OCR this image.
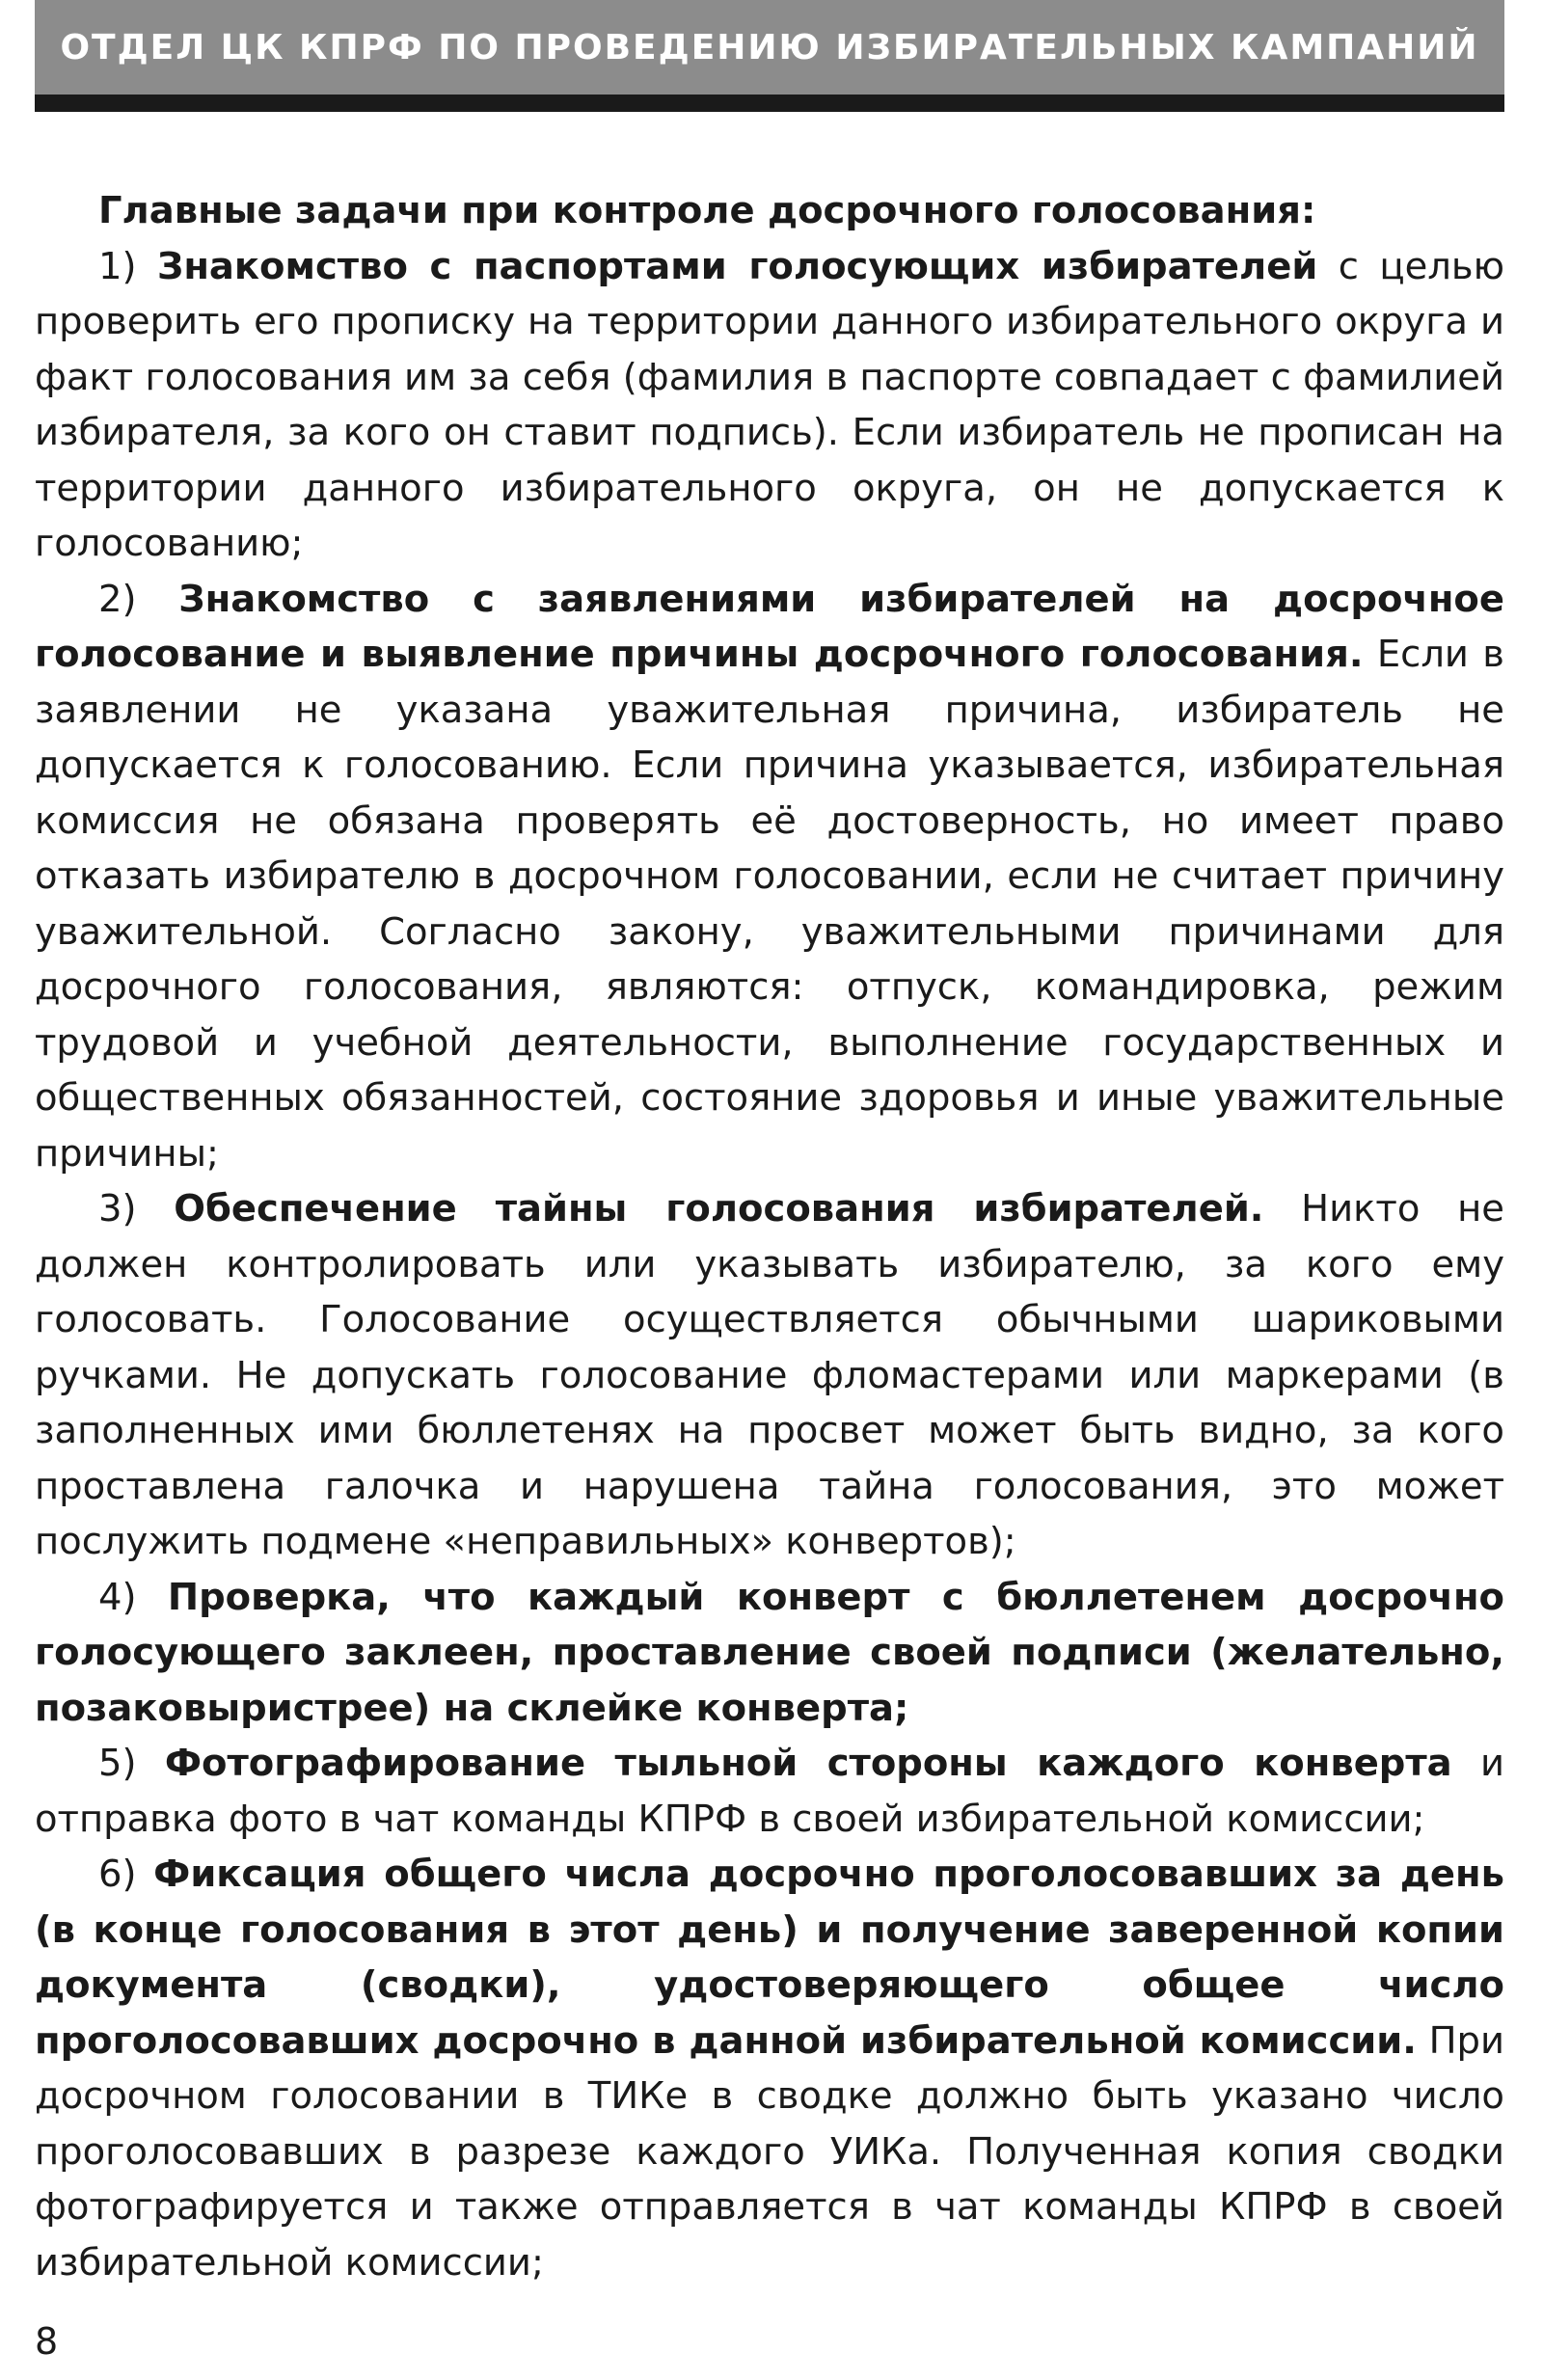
ОТДЕЛ ЦК КПРФ ПО ПРОВЕДЕНИЮ ИЗБИРАТЕЛЬНЫХ КАМПАНИЙ

Главные задачи при контроле досрочного голосования:

1) Знакомство с паспортами голосующих избирателей с целью проверить его прописку на территории данного избирательного округа и факт голосования им за себя (фамилия в паспорте совпадает с фамилией избирателя, за кого он ставит подпись). Если избиратель не прописан на территории данного избирательного округа, он не допускается к голосованию;

2) Знакомство с заявлениями избирателей на досрочное голосование и выявление причины досрочного голосования. Если в заявлении не указана уважительная причина, избиратель не допускается к голосованию. Если причина указывается, избирательная комиссия не обязана проверять её достоверность, но имеет право отказать избирателю в досрочном голосовании, если не считает причину уважительной. Согласно закону, уважительными причинами для досрочного голосования, являются: отпуск, командировка, режим трудовой и учебной деятельности, выполнение государственных и общественных обязанностей, состояние здоровья и иные уважительные причины;

3) Обеспечение тайны голосования избирателей. Никто не должен контролировать или указывать избирателю, за кого ему голосовать. Голосование осуществляется обычными шариковыми ручками. Не допускать голосование фломастерами или маркерами (в заполненных ими бюллетенях на просвет может быть видно, за кого проставлена галочка и нарушена тайна голосования, это может послужить подмене «неправильных» конвертов);

4) Проверка, что каждый конверт с бюллетенем досрочно голосующего заклеен, проставление своей подписи (желательно, позаковыристрее) на склейке конверта;

5) Фотографирование тыльной стороны каждого конверта и отправка фото в чат команды КПРФ в своей избирательной комиссии;

6) Фиксация общего числа досрочно проголосовавших за день (в конце голосования в этот день) и получение заверенной копии документа (сводки), удостоверяющего общее число проголосовавших досрочно в данной избирательной комиссии. При досрочном голосовании в ТИКе в сводке должно быть указано число проголосовавших в разрезе каждого УИКа. Полученная копия сводки фотографируется и также отправляется в чат команды КПРФ в своей избирательной комиссии;

8
